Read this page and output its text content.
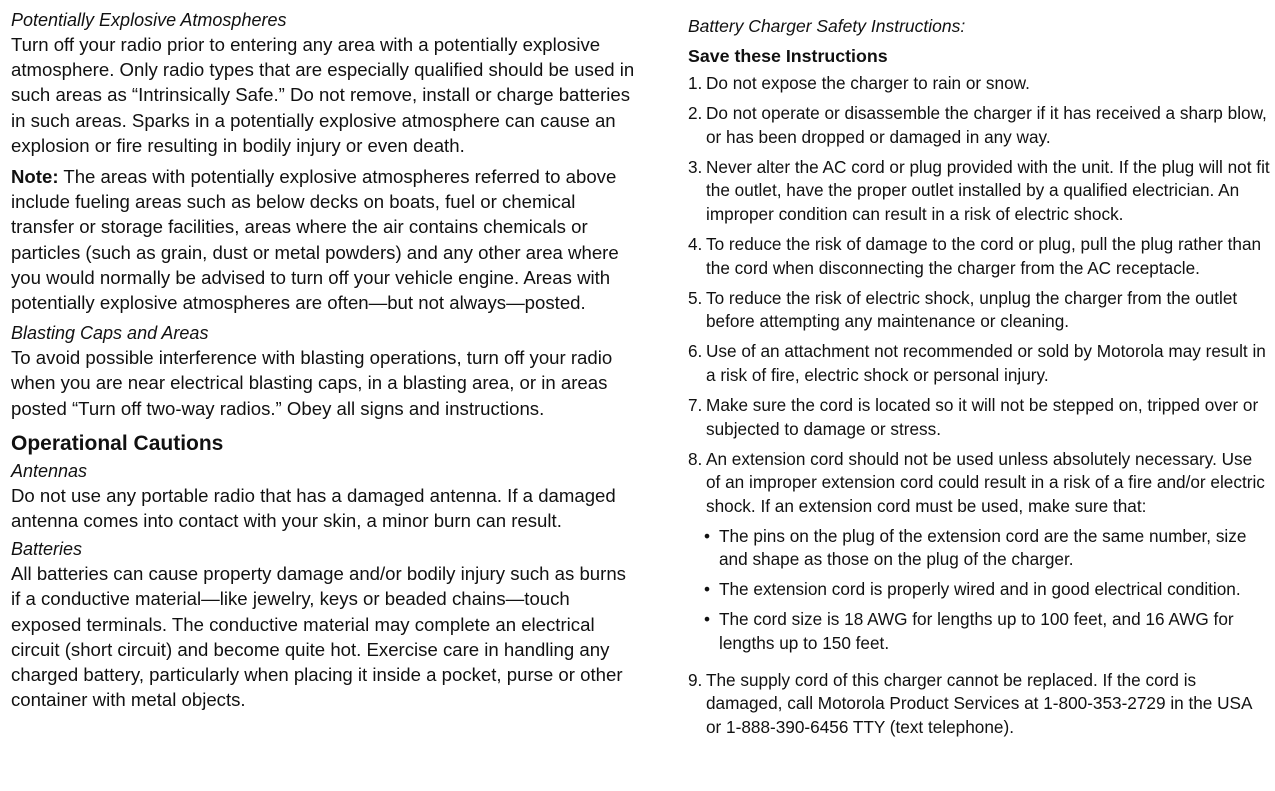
Potentially Explosive Atmospheres

Turn off your radio prior to entering any area with a potentially explosive atmosphere. Only radio types that are especially qualified should be used in such areas as “Intrinsically Safe.” Do not remove, install or charge batteries in such areas. Sparks in a potentially explosive atmosphere can cause an explosion or fire resulting in bodily injury or even death.

Note: The areas with potentially explosive atmospheres referred to above include fueling areas such as below decks on boats, fuel or chemical transfer or storage facilities, areas where the air contains chemicals or particles (such as grain, dust or metal powders) and any other area where you would normally be advised to turn off your vehicle engine. Areas with potentially explosive atmospheres are often—but not always—posted.

Blasting Caps and Areas

To avoid possible interference with blasting operations, turn off your radio when you are near electrical blasting caps, in a blasting area, or in areas posted “Turn off two-way radios.” Obey all signs and instructions.

Operational Cautions
Antennas

Do not use any portable radio that has a damaged antenna. If a damaged antenna comes into contact with your skin, a minor burn can result.

Batteries

All batteries can cause property damage and/or bodily injury such as burns if a conductive material—like jewelry, keys or beaded chains—touch exposed terminals. The conductive material may complete an electrical circuit (short circuit) and become quite hot. Exercise care in handling any charged battery, particularly when placing it inside a pocket, purse or other container with metal objects.

Battery Charger Safety Instructions:
Save these Instructions
1. Do not expose the charger to rain or snow.
2. Do not operate or disassemble the charger if it has received a sharp blow, or has been dropped or damaged in any way.
3. Never alter the AC cord or plug provided with the unit. If the plug will not fit the outlet, have the proper outlet installed by a qualified electrician. An improper condition can result in a risk of electric shock.
4. To reduce the risk of damage to the cord or plug, pull the plug rather than the cord when disconnecting the charger from the AC receptacle.
5. To reduce the risk of electric shock, unplug the charger from the outlet before attempting any maintenance or cleaning.
6. Use of an attachment not recommended or sold by Motorola may result in a risk of fire, electric shock or personal injury.
7. Make sure the cord is located so it will not be stepped on, tripped over or subjected to damage or stress.
8. An extension cord should not be used unless absolutely necessary. Use of an improper extension cord could result in a risk of a fire and/or electric shock. If an extension cord must be used, make sure that:
• The pins on the plug of the extension cord are the same number, size and shape as those on the plug of the charger.
• The extension cord is properly wired and in good electrical condition.
• The cord size is 18 AWG for lengths up to 100 feet, and 16 AWG for lengths up to 150 feet.
9. The supply cord of this charger cannot be replaced. If the cord is damaged, call Motorola Product Services at 1-800-353-2729 in the USA or 1-888-390-6456 TTY (text telephone).
